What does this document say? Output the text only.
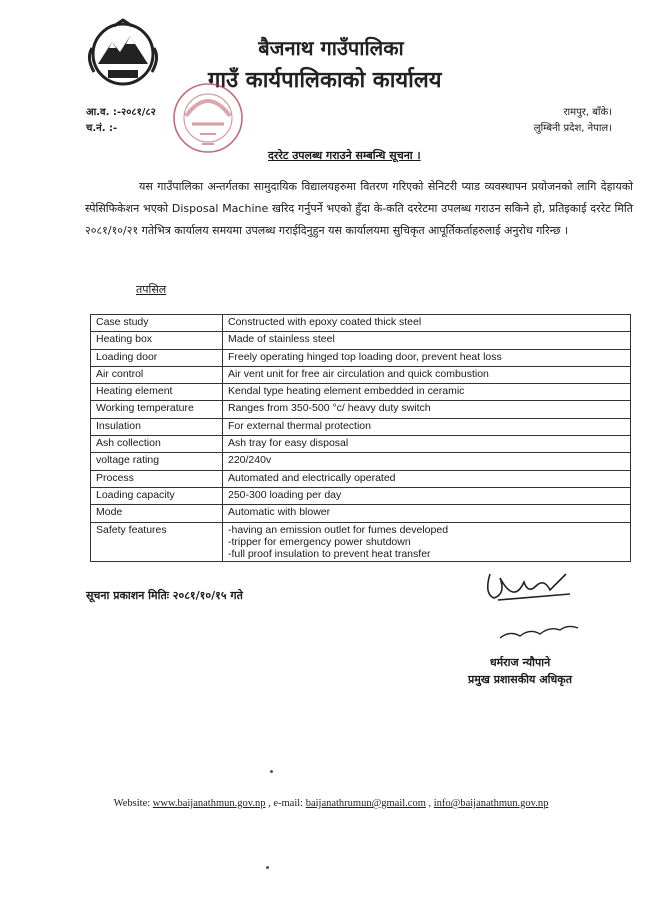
बैजनाथ गाउँपालिका
गाउँ कार्यपालिकाको कार्यालय
आ.व. :-२०८१/८२
च.नं. :-
रामपुर, बाँके।
लुम्बिनी प्रदेश, नेपाल।
दररेट उपलब्ध गराउने सम्बन्धि सूचना ।
यस गाउँपालिका अन्तर्गतका सामुदायिक विद्यालयहरुमा वितरण गरिएको सेनिटरी प्याड व्यवस्थापन प्रयोजनको लागि देहायको स्पेसिफिकेशन भएको Disposal Machine खरिद गर्नुपर्ने भएको हुँदा के-कति दररेटमा उपलब्ध गराउन सकिने हो, प्रतिइकाई दररेट मिति २०८१/१०/२१ गतेभित्र कार्यालय समयमा उपलब्ध गराईदिनुहुन यस कार्यालयमा सुचिकृत आपूर्तिकर्ताहरुलाई अनुरोध गरिन्छ ।
तपसिल
Case study	Constructed with epoxy coated thick steel
Heating box	Made of stainless steel
Loading door	Freely operating hinged top loading door, prevent heat loss
Air control	Air vent unit for free air circulation and quick combustion
Heating element	Kendal type heating element embedded in ceramic
Working temperature	Ranges from 350-500 °c/ heavy duty switch
Insulation	For external thermal protection
Ash collection	Ash tray for easy disposal
voltage rating	220/240v
Process	Automated and electrically operated
Loading capacity	250-300 loading per day
Mode	Automatic with blower
Safety features	-having an emission outlet for fumes developed
-tripper for emergency power shutdown
-full proof insulation to prevent heat transfer
सूचना प्रकाशन मितिः २०८१/१०/१५ गते
धर्मराज न्यौपाने
प्रमुख प्रशासकीय अधिकृत
Website: www.baijanathmun.gov.np , e-mail: baijanathrumun@gmail.com , info@baijanathmun.gov.np
